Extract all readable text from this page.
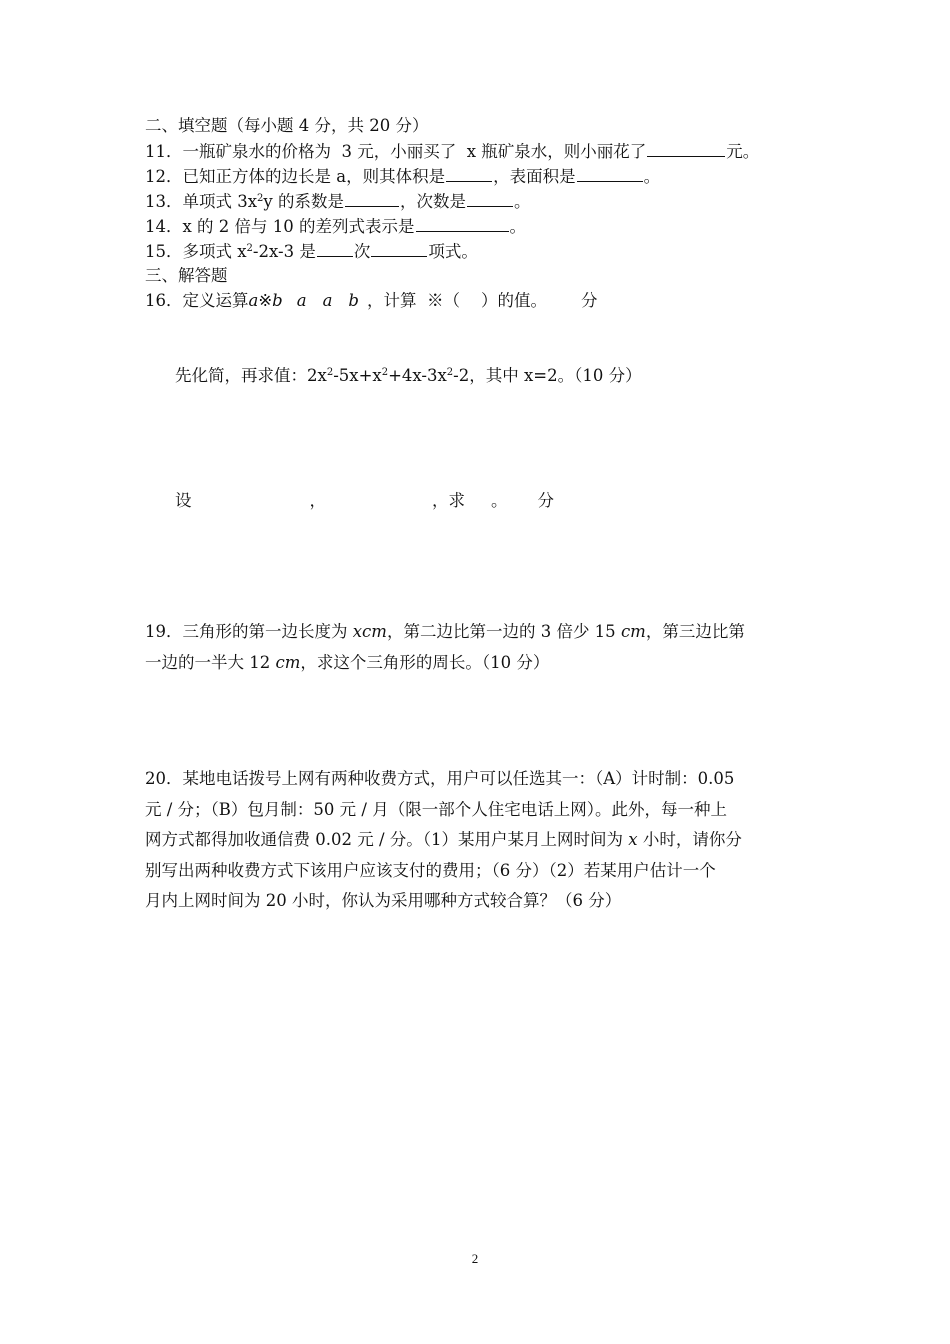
二、填空题（每小题 4 分，共 20 分）
11．一瓶矿泉水的价格为  3 元，小丽买了  x 瓶矿泉水，则小丽花了	元。
12．已知正方体的边长是 a，则其体积是	，表面积是	。
13．单项式 $3x^2y$ 的系数是	，次数是	。
14．x 的 2 倍与 10 的差列式表示是	。
15．多项式 $x^2-2x-3$ 是 次	项式。
三、解答题
16．定义运算a※b a a b ，计算  ※（    ）的值。 分
先化简，再求值：$2x^2-5x+x^2+4x-3x^2-2$，其中 x=2。（10 分）
设	，	，求 。 分
19．三角形的第一边长度为 xcm，第二边比第一边的 3 倍少 15 cm，第三边比第
一边的一半大 12 cm，求这个三角形的周长。（10 分）
20．某地电话拨号上网有两种收费方式，用户可以任选其一：（A）计时制：0.05
元 / 分；（B）包月制：50 元 / 月（限一部个人住宅电话上网）。此外，每一种上
网方式都得加收通信费 0.02 元 / 分。（1）某用户某月上网时间为 x 小时，请你分
别写出两种收费方式下该用户应该支付的费用；（6 分）（2）若某用户估计一个
月内上网时间为 20 小时，你认为采用哪种方式较合算？（6 分）
2
